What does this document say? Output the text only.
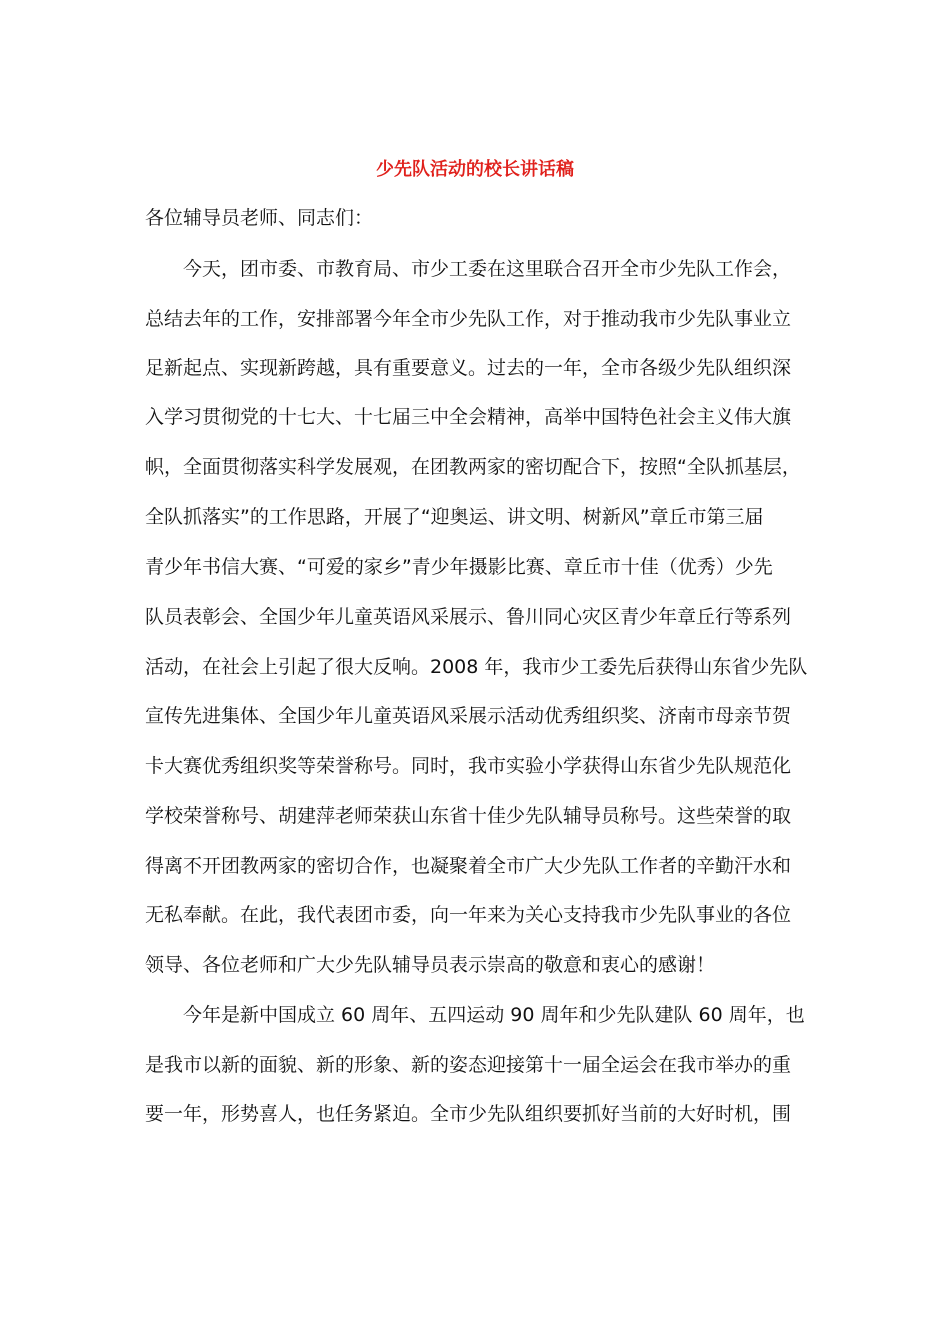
少先队活动的校长讲话稿

各位辅导员老师、同志们：

今天，团市委、市教育局、市少工委在这里联合召开全市少先队工作会，

总结去年的工作，安排部署今年全市少先队工作，对于推动我市少先队事业立

足新起点、实现新跨越，具有重要意义。过去的一年，全市各级少先队组织深

入学习贯彻党的十七大、十七届三中全会精神，高举中国特色社会主义伟大旗

帜，全面贯彻落实科学发展观，在团教两家的密切配合下，按照“全队抓基层，

全队抓落实”的工作思路，开展了“迎奥运、讲文明、树新风”章丘市第三届

青少年书信大赛、“可爱的家乡”青少年摄影比赛、章丘市十佳（优秀）少先

队员表彰会、全国少年儿童英语风采展示、鲁川同心灾区青少年章丘行等系列

活动，在社会上引起了很大反响。2008 年，我市少工委先后获得山东省少先队

宣传先进集体、全国少年儿童英语风采展示活动优秀组织奖、济南市母亲节贺

卡大赛优秀组织奖等荣誉称号。同时，我市实验小学获得山东省少先队规范化

学校荣誉称号、胡建萍老师荣获山东省十佳少先队辅导员称号。这些荣誉的取

得离不开团教两家的密切合作，也凝聚着全市广大少先队工作者的辛勤汗水和

无私奉献。在此，我代表团市委，向一年来为关心支持我市少先队事业的各位

领导、各位老师和广大少先队辅导员表示崇高的敬意和衷心的感谢！

今年是新中国成立 60 周年、五四运动 90 周年和少先队建队 60 周年，也

是我市以新的面貌、新的形象、新的姿态迎接第十一届全运会在我市举办的重

要一年，形势喜人，也任务紧迫。全市少先队组织要抓好当前的大好时机，围
